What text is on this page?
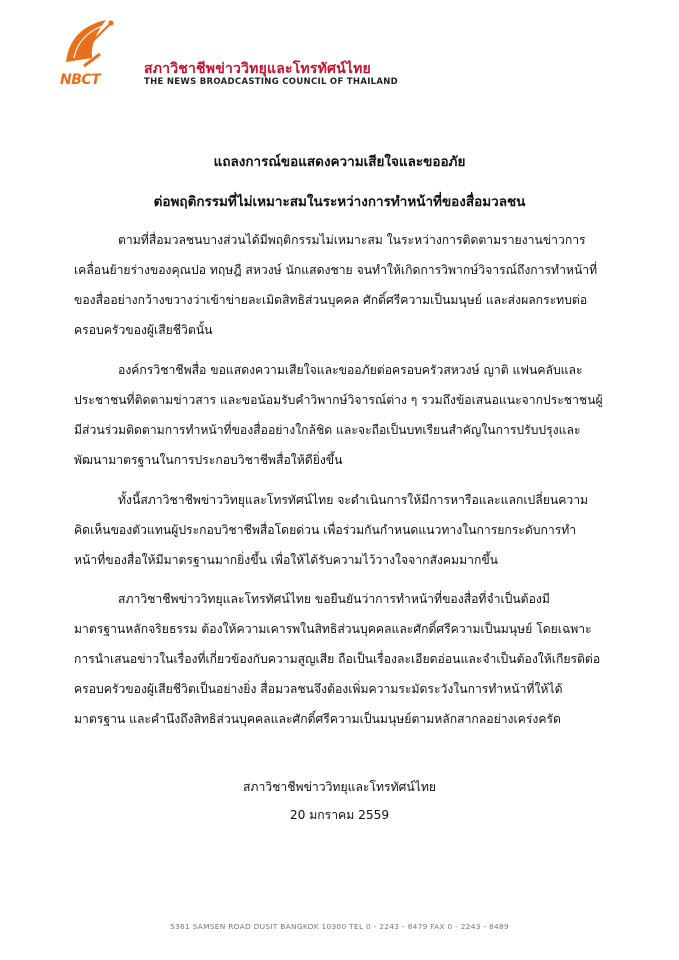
NBCT
สภาวิชาชีพข่าววิทยุและโทรทัศน์ไทย
THE NEWS BROADCASTING COUNCIL OF THAILAND
แถลงการณ์ขอแสดงความเสียใจและขออภัย
ต่อพฤติกรรมที่ไม่เหมาะสมในระหว่างการทำหน้าที่ของสื่อมวลชน
ตามที่สื่อมวลชนบางส่วนได้มีพฤติกรรมไม่เหมาะสม ในระหว่างการติดตามรายงานข่าวการ
เคลื่อนย้ายร่างของคุณปอ ทฤษฎี สหวงษ์ นักแสดงชาย จนทำให้เกิดการวิพากษ์วิจารณ์ถึงการทำหน้าที่
ของสื่ออย่างกว้างขวางว่าเข้าข่ายละเมิดสิทธิส่วนบุคคล ศักดิ์ศรีความเป็นมนุษย์ และส่งผลกระทบต่อ
ครอบครัวของผู้เสียชีวิตนั้น
องค์กรวิชาชีพสื่อ ขอแสดงความเสียใจและขออภัยต่อครอบครัวสหวงษ์ ญาติ แฟนคลับและ
ประชาชนที่ติดตามข่าวสาร และขอน้อมรับคำวิพากษ์วิจารณ์ต่าง ๆ รวมถึงข้อเสนอแนะจากประชาชนผู้
มีส่วนร่วมติดตามการทำหน้าที่ของสื่ออย่างใกล้ชิด และจะถือเป็นบทเรียนสำคัญในการปรับปรุงและ
พัฒนามาตรฐานในการประกอบวิชาชีพสื่อให้ดียิ่งขึ้น
ทั้งนี้สภาวิชาชีพข่าววิทยุและโทรทัศน์ไทย จะดำเนินการให้มีการหารือและแลกเปลี่ยนความ
คิดเห็นของตัวแทนผู้ประกอบวิชาชีพสื่อโดยด่วน เพื่อร่วมกันกำหนดแนวทางในการยกระดับการทำ
หน้าที่ของสื่อให้มีมาตรฐานมากยิ่งขึ้น เพื่อให้ได้รับความไว้วางใจจากสังคมมากขึ้น
สภาวิชาชีพข่าววิทยุและโทรทัศน์ไทย ขอยืนยันว่าการทำหน้าที่ของสื่อที่จำเป็นต้องมี
มาตรฐานหลักจริยธรรม ต้องให้ความเคารพในสิทธิส่วนบุคคลและศักดิ์ศรีความเป็นมนุษย์ โดยเฉพาะ
การนำเสนอข่าวในเรื่องที่เกี่ยวข้องกับความสูญเสีย ถือเป็นเรื่องละเอียดอ่อนและจำเป็นต้องให้เกียรติต่อ
ครอบครัวของผู้เสียชีวิตเป็นอย่างยิ่ง สื่อมวลชนจึงต้องเพิ่มความระมัดระวังในการทำหน้าที่ให้ได้
มาตรฐาน และคำนึงถึงสิทธิส่วนบุคคลและศักดิ์ศรีความเป็นมนุษย์ตามหลักสากลอย่างเคร่งครัด
สภาวิชาชีพข่าววิทยุและโทรทัศน์ไทย
20 มกราคม 2559
5361 SAMSEN ROAD DUSIT BANGKOK 10300 TEL 0 - 2243 - 8479 FAX 0 - 2243 - 8489
